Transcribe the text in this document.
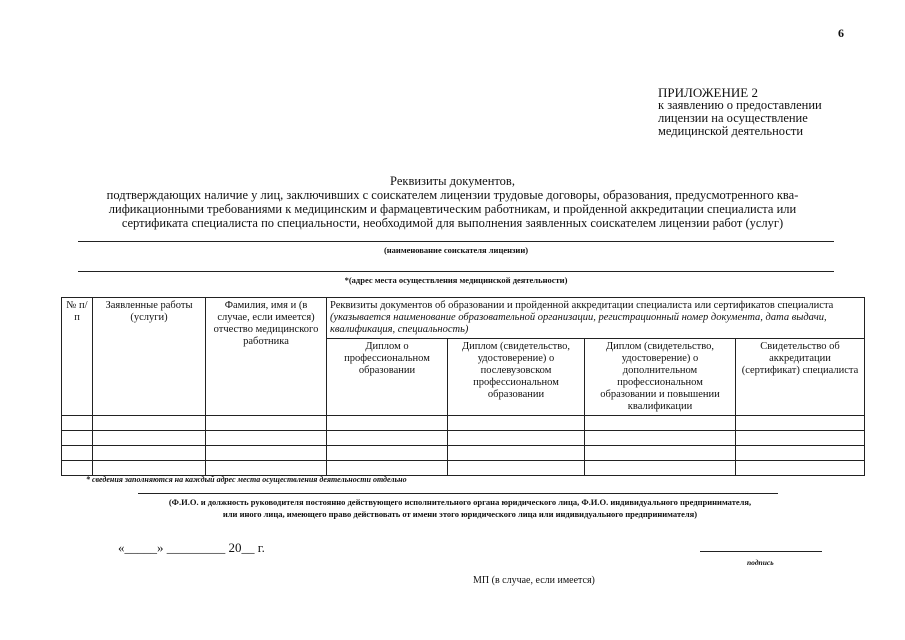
6
ПРИЛОЖЕНИЕ 2
к заявлению о предоставлении
лицензии на осуществление
медицинской деятельности
Реквизиты документов,
подтверждающих наличие у лиц, заключивших с соискателем лицензии трудовые договоры, образования, предусмотренного ква-
лификационными требованиями к медицинским и фармацевтическим работникам, и пройденной аккредитации специалиста или
сертификата специалиста по специальности, необходимой для выполнения заявленных соискателем лицензии работ (услуг)
(наименование соискателя лицензии)
*(адрес места осуществления медицинской деятельности)
№ п/п	Заявленные работы (услуги)	Фамилия, имя и (в случае, если имеется) отчество медицинского работника	Реквизиты документов об образовании и пройденной аккредитации специалиста или сертификатов специалиста (указывается наименование образовательной организации, регистрационный номер документа, дата выдачи, квалификация, специальность)			
			Диплом о профессиональном образовании	Диплом (свидетельство, удостоверение) о послевузовском профессиональном образовании	Диплом (свидетельство, удостоверение) о дополнительном профессиональном образовании и повышении квалификации	Свидетельство об аккредитации (сертификат) специалиста

* сведения заполняются на каждый адрес места осуществления деятельности отдельно
(Ф.И.О. и должность руководителя постоянно действующего исполнительного органа юридического лица, Ф.И.О. индивидуального предпринимателя,
или иного лица, имеющего право действовать от имени этого юридического лица или индивидуального предпринимателя)
«_____» _________ 20__ г.
подпись
МП (в случае, если имеется)
